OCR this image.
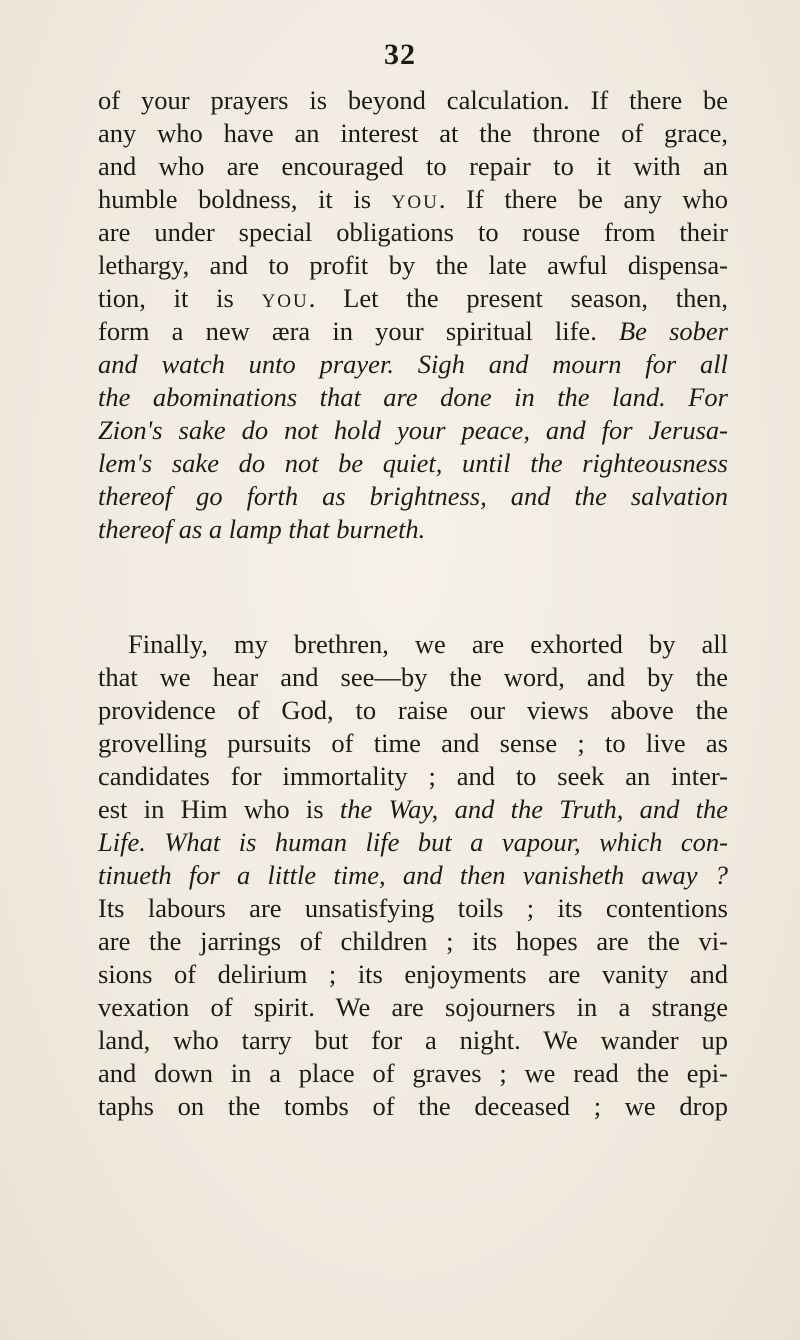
32
of your prayers is beyond calculation. If there be
any who have an interest at the throne of grace,
and who are encouraged to repair to it with an
humble boldness, it is you. If there be any who
are under special obligations to rouse from their
lethargy, and to profit by the late awful dispensa-
tion, it is you. Let the present season, then,
form a new æra in your spiritual life. Be sober
and watch unto prayer. Sigh and mourn for all
the abominations that are done in the land. For
Zion's sake do not hold your peace, and for Jerusa-
lem's sake do not be quiet, until the righteousness
thereof go forth as brightness, and the salvation
thereof as a lamp that burneth.
Finally, my brethren, we are exhorted by all
that we hear and see—by the word, and by the
providence of God, to raise our views above the
grovelling pursuits of time and sense ; to live as
candidates for immortality ; and to seek an inter-
est in Him who is the Way, and the Truth, and the
Life. What is human life but a vapour, which con-
tinueth for a little time, and then vanisheth away ?
Its labours are unsatisfying toils ; its contentions
are the jarrings of children ; its hopes are the vi-
sions of delirium ; its enjoyments are vanity and
vexation of spirit. We are sojourners in a strange
land, who tarry but for a night. We wander up
and down in a place of graves ; we read the epi-
taphs on the tombs of the deceased ; we drop
